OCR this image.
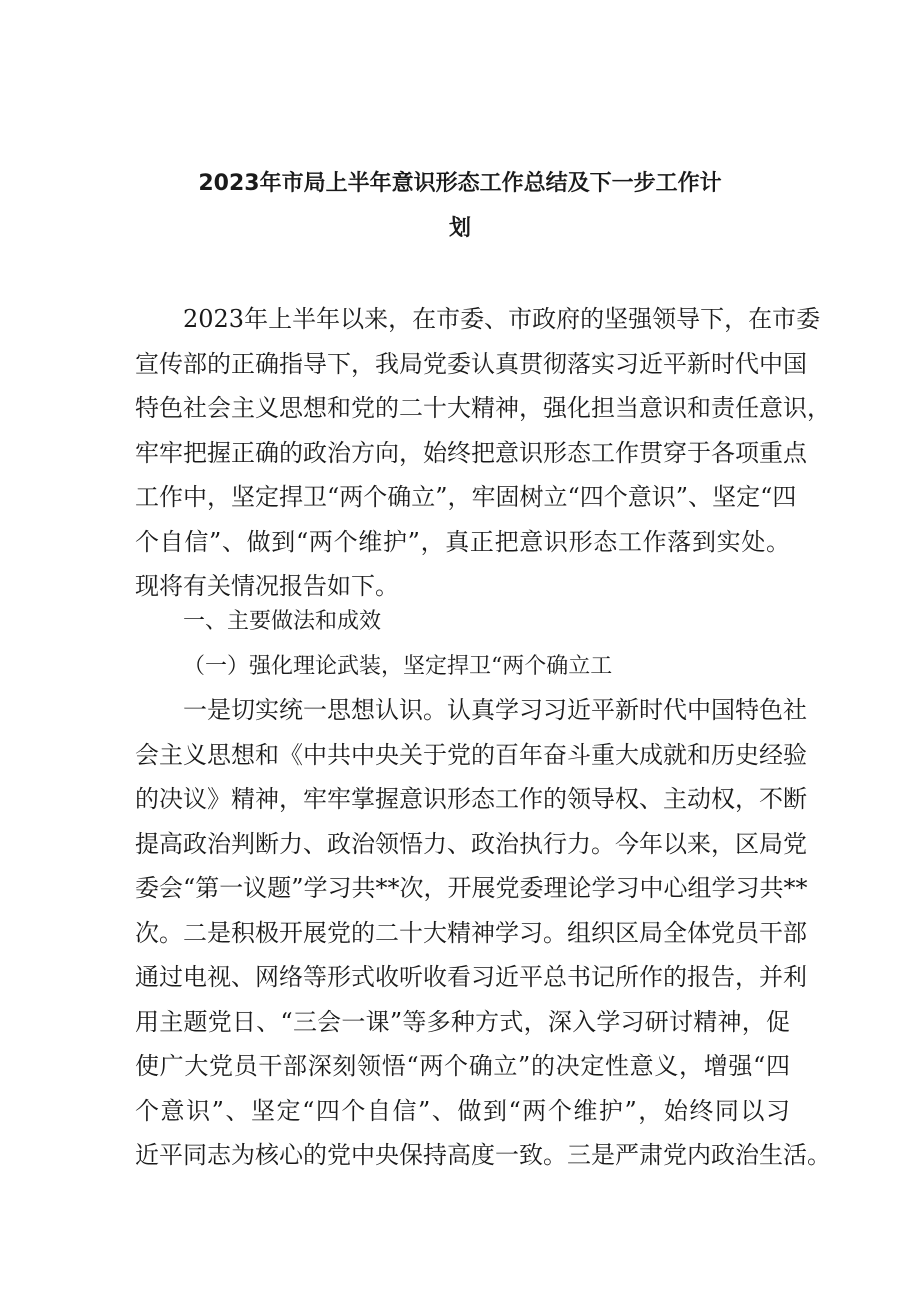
2023年市局上半年意识形态工作总结及下一步工作计
划

2023年上半年以来，在市委、市政府的坚强领导下，在市委

宣传部的正确指导下，我局党委认真贯彻落实习近平新时代中国

特色社会主义思想和党的二十大精神，强化担当意识和责任意识，

牢牢把握正确的政治方向，始终把意识形态工作贯穿于各项重点

工作中，坚定捍卫“两个确立”，牢固树立“四个意识”、坚定“四

个自信”、做到“两个维护”，真正把意识形态工作落到实处。

现将有关情况报告如下。

一、主要做法和成效

（一）强化理论武装，坚定捍卫“两个确立工

一是切实统一思想认识。认真学习习近平新时代中国特色社

会主义思想和《中共中央关于党的百年奋斗重大成就和历史经验

的决议》精神，牢牢掌握意识形态工作的领导权、主动权，不断

提高政治判断力、政治领悟力、政治执行力。今年以来，区局党

委会“第一议题”学习共**次，开展党委理论学习中心组学习共**

次。二是积极开展党的二十大精神学习。组织区局全体党员干部

通过电视、网络等形式收听收看习近平总书记所作的报告，并利

用主题党日、“三会一课”等多种方式，深入学习研讨精神，促

使广大党员干部深刻领悟“两个确立”的决定性意义，增强“四

个意识”、坚定“四个自信”、做到“两个维护”，始终同以习

近平同志为核心的党中央保持高度一致。三是严肃党内政治生活。
